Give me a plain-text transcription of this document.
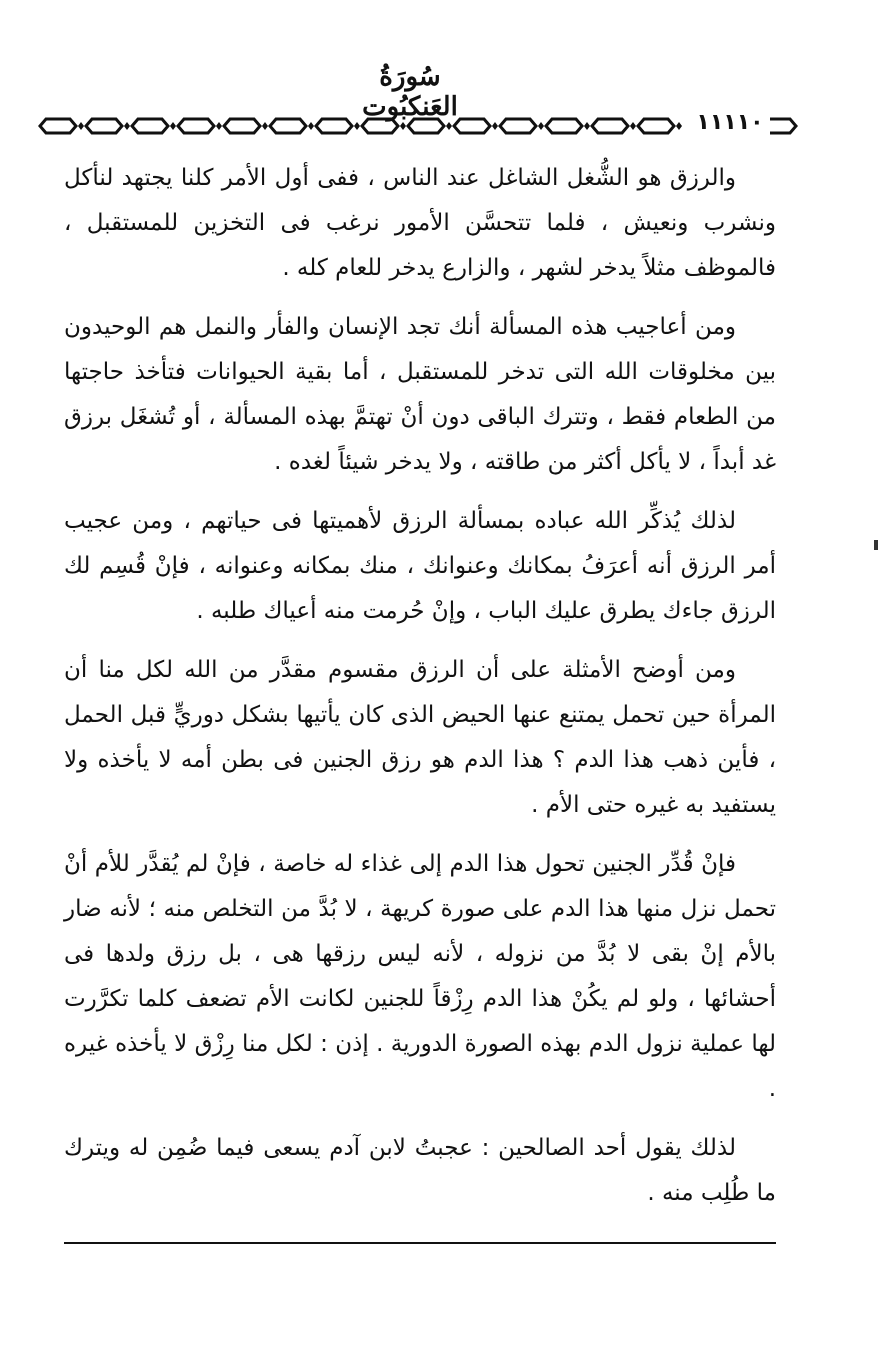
سُورَةُ العَنكبُوت
١١١١٠

والرزق هو الشُّغل الشاغل عند الناس ، ففى أول الأمر كلنا يجتهد لنأكل ونشرب ونعيش ، فلما تتحسَّن الأمور نرغب فى التخزين للمستقبل ، فالموظف مثلاً يدخر لشهر ، والزارع يدخر للعام كله .

ومن أعاجيب هذه المسألة أنك تجد الإنسان والفأر والنمل هم الوحيدون بين مخلوقات الله التى تدخر للمستقبل ، أما بقية الحيوانات فتأخذ حاجتها من الطعام فقط ، وتترك الباقى دون أنْ تهتمَّ بهذه المسألة ، أو تُشغَل برزق غد أبداً ، لا يأكل أكثر من طاقته ، ولا يدخر شيئاً لغده .

لذلك يُذكِّر الله عباده بمسألة الرزق لأهميتها فى حياتهم ، ومن عجيب أمر الرزق أنه أعرَفُ بمكانك وعنوانك ، منك بمكانه وعنوانه ، فإنْ قُسِم لك الرزق جاءك يطرق عليك الباب ، وإنْ حُرمت منه أعياك طلبه .

ومن أوضح الأمثلة على أن الرزق مقسوم مقدَّر من الله لكل منا أن المرأة حين تحمل يمتنع عنها الحيض الذى كان يأتيها بشكل دوريٍّ قبل الحمل ، فأين ذهب هذا الدم ؟ هذا الدم هو رزق الجنين فى بطن أمه لا يأخذه ولا يستفيد به غيره حتى الأم .

فإنْ قُدِّر الجنين تحول هذا الدم إلى غذاء له خاصة ، فإنْ لم يُقدَّر للأم أنْ تحمل نزل منها هذا الدم على صورة كريهة ، لا بُدَّ من التخلص منه ؛ لأنه ضار بالأم إنْ بقى لا بُدَّ من نزوله ، لأنه ليس رزقها هى ، بل رزق ولدها فى أحشائها ، ولو لم يكُنْ هذا الدم رِزْقاً للجنين لكانت الأم تضعف كلما تكرَّرت لها عملية نزول الدم بهذه الصورة الدورية . إذن : لكل منا رِزْق لا يأخذه غيره .

لذلك يقول أحد الصالحين : عجبتُ لابن آدم يسعى فيما ضُمِن له ويترك ما طُلِب منه .
